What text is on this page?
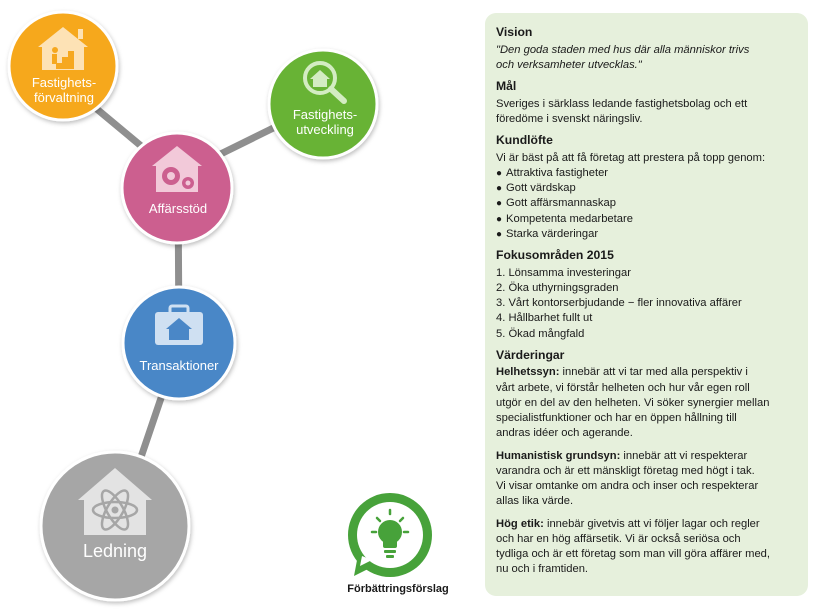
Fastighets-
förvaltning
Fastighets-
utveckling
Affärsstöd
Transaktioner
Ledning
Förbättringsförslag
Vision
"Den goda staden med hus där alla människor trivs
och verksamheter utvecklas."
Mål
Sveriges i särklass ledande fastighetsbolag och ett
föredöme i svenskt näringsliv.
Kundlöfte
Vi är bäst på att få företag att prestera på topp genom:
● Attraktiva fastigheter
● Gott värdskap
● Gott affärsmannaskap
● Kompetenta medarbetare
● Starka värderingar
Fokusområden 2015
1. Lönsamma investeringar
2. Öka uthyrningsgraden
3. Vårt kontorserbjudande − fler innovativa affärer
4. Hållbarhet fullt ut
5. Ökad mångfald
Värderingar
Helhetssyn: innebär att vi tar med alla perspektiv i
vårt arbete, vi förstår helheten och hur vår egen roll
utgör en del av den helheten. Vi söker synergier mellan
specialistfunktioner och har en öppen hållning till
andras idéer och agerande.
Humanistisk grundsyn: innebär att vi respekterar
varandra och är ett mänskligt företag med högt i tak.
Vi visar omtanke om andra och inser och respekterar
allas lika värde.
Hög etik: innebär givetvis att vi följer lagar och regler
och har en hög affärsetik. Vi är också seriösa och
tydliga och är ett företag som man vill göra affärer med,
nu och i framtiden.
